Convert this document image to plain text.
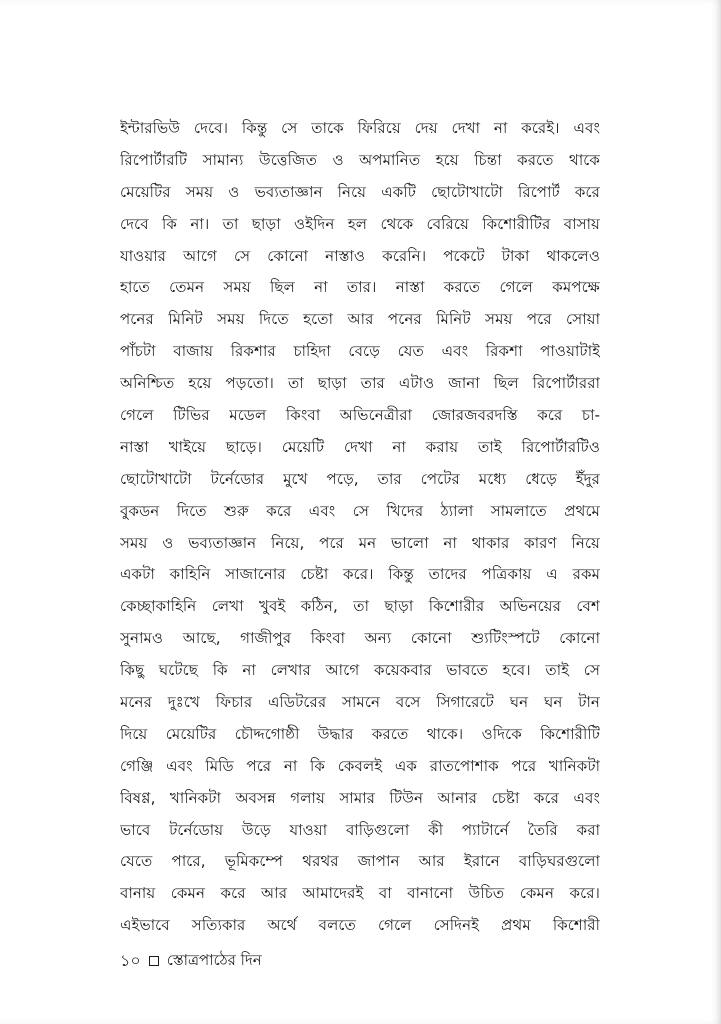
ইন্টারভিউ দেবে। কিন্তু সে তাকে ফিরিয়ে দেয় দেখা না করেই। এবং
রিপোর্টারটি সামান্য উত্তেজিত ও অপমানিত হয়ে চিন্তা করতে থাকে
মেয়েটির সময় ও ভব্যতাজ্ঞান নিয়ে একটি ছোটোখাটো রিপোর্ট করে
দেবে কি না। তা ছাড়া ওইদিন হল থেকে বেরিয়ে কিশোরীটির বাসায়
যাওয়ার আগে সে কোনো নাস্তাও করেনি। পকেটে টাকা থাকলেও
হাতে তেমন সময় ছিল না তার। নাস্তা করতে গেলে কমপক্ষে
পনের মিনিট সময় দিতে হতো আর পনের মিনিট সময় পরে সোয়া
পাঁচটা বাজায় রিকশার চাহিদা বেড়ে যেত এবং রিকশা পাওয়াটাই
অনিশ্চিত হয়ে পড়তো। তা ছাড়া তার এটাও জানা ছিল রিপোর্টাররা
গেলে টিভির মডেল কিংবা অভিনেত্রীরা জোরজবরদস্তি করে চা-
নাস্তা খাইয়ে ছাড়ে। মেয়েটি দেখা না করায় তাই রিপোর্টারটিও
ছোটোখাটো টর্নেডোর মুখে পড়ে, তার পেটের মধ্যে ধেড়ে ইঁদুর
বুকডন দিতে শুরু করে এবং সে খিদের ঠ্যালা সামলাতে প্রথমে
সময় ও ভব্যতাজ্ঞান নিয়ে, পরে মন ভালো না থাকার কারণ নিয়ে
একটা কাহিনি সাজানোর চেষ্টা করে। কিন্তু তাদের পত্রিকায় এ রকম
কেচ্ছাকাহিনি লেখা খুবই কঠিন, তা ছাড়া কিশোরীর অভিনয়ের বেশ
সুনামও আছে, গাজীপুর কিংবা অন্য কোনো শ্যুটিংস্পটে কোনো
কিছু ঘটেছে কি না লেখার আগে কয়েকবার ভাবতে হবে। তাই সে
মনের দুঃখে ফিচার এডিটরের সামনে বসে সিগারেটে ঘন ঘন টান
দিয়ে মেয়েটির চৌদ্দগোষ্ঠী উদ্ধার করতে থাকে। ওদিকে কিশোরীটি
গেঞ্জি এবং মিডি পরে না কি কেবলই এক রাতপোশাক পরে খানিকটা
বিষণ্ণ, খানিকটা অবসন্ন গলায় সামার টিউন আনার চেষ্টা করে এবং
ভাবে টর্নেডোয় উড়ে যাওয়া বাড়িগুলো কী প্যাটার্নে তৈরি করা
যেতে পারে, ভূমিকম্পে থরথর জাপান আর ইরানে বাড়িঘরগুলো
বানায় কেমন করে আর আমাদেরই বা বানানো উচিত কেমন করে।
এইভাবে সত্যিকার অর্থে বলতে গেলে সেদিনই প্রথম কিশোরী
১০ স্তোত্রপাঠের দিন
